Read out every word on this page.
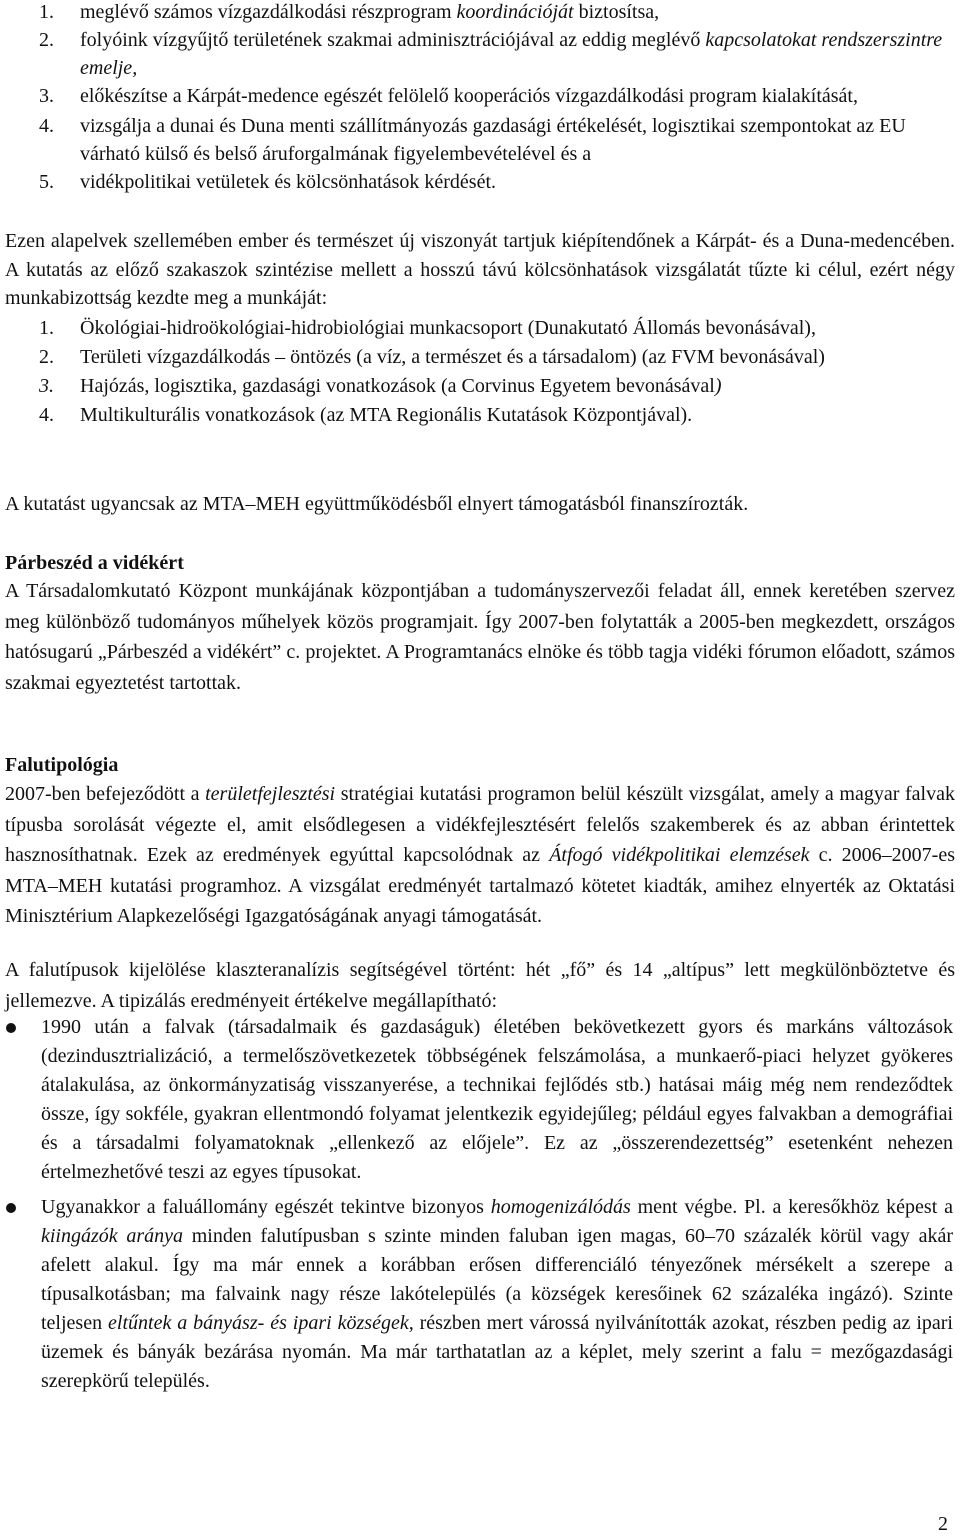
1. meglévő számos vízgazdálkodási részprogram koordinációját biztosítsa,

2. folyóink vízgyűjtő területének szakmai adminisztrációjával az eddig meglévő kapcsolatokat rendszerszintre emelje,

3. előkészítse a Kárpát-medence egészét felölelő kooperációs vízgazdálkodási program kialakítását,

4. vizsgálja a dunai és Duna menti szállítmányozás gazdasági értékelését, logisztikai szempontokat az EU várható külső és belső áruforgalmának figyelembevételével és a

5. vidékpolitikai vetületek és kölcsönhatások kérdését.

Ezen alapelvek szellemében ember és természet új viszonyát tartjuk kiépítendőnek a Kárpát- és a Duna-medencében. A kutatás az előző szakaszok szintézise mellett a hosszú távú kölcsönhatások vizsgálatát tűzte ki célul, ezért négy munkabizottság kezdte meg a munkáját:

1. Ökológiai-hidroökológiai-hidrobiológiai munkacsoport (Dunakutató Állomás bevonásával),

2. Területi vízgazdálkodás – öntözés (a víz, a természet és a társadalom) (az FVM bevonásával)

3. Hajózás, logisztika, gazdasági vonatkozások (a Corvinus Egyetem bevonásával)

4. Multikulturális vonatkozások (az MTA Regionális Kutatások Központjával).

A kutatást ugyancsak az MTA–MEH együttműködésből elnyert támogatásból finanszírozták.

Párbeszéd a vidékért

A Társadalomkutató Központ munkájának központjában a tudományszervezői feladat áll, ennek keretében szervez meg különböző tudományos műhelyek közös programjait. Így 2007-ben folytatták a 2005-ben megkezdett, országos hatósugarú „Párbeszéd a vidékért” c. projektet. A Programtanács elnöke és több tagja vidéki fórumon előadott, számos szakmai egyeztetést tartottak.

Falutipológia

2007-ben befejeződött a területfejlesztési stratégiai kutatási programon belül készült vizsgálat, amely a magyar falvak típusba sorolását végezte el, amit elsődlegesen a vidékfejlesztésért felelős szakemberek és az abban érintettek hasznosíthatnak. Ezek az eredmények egyúttal kapcsolódnak az Átfogó vidékpolitikai elemzések c. 2006–2007-es MTA–MEH kutatási programhoz. A vizsgálat eredményét tartalmazó kötetet kiadták, amihez elnyerték az Oktatási Minisztérium Alapkezelőségi Igazgatóságának anyagi támogatását.

A falutípusok kijelölése klaszteranalízis segítségével történt: hét „fő” és 14 „altípus” lett megkülönböztetve és jellemezve. A tipizálás eredményeit értékelve megállapítható:

1990 után a falvak (társadalmaik és gazdaságuk) életében bekövetkezett gyors és markáns változások (dezindusztrializáció, a termelőszövetkezetek többségének felszámolása, a munkaerő-piaci helyzet gyökeres átalakulása, az önkormányzatiság visszanyerése, a technikai fejlődés stb.) hatásai máig még nem rendeződtek össze, így sokféle, gyakran ellentmondó folyamat jelentkezik egyidejűleg; például egyes falvakban a demográfiai és a társadalmi folyamatoknak „ellenkező az előjele”. Ez az „összerendezettség” esetenként nehezen értelmezhetővé teszi az egyes típusokat.

Ugyanakkor a faluállomány egészét tekintve bizonyos homogenizálódás ment végbe. Pl. a keresőkhöz képest a kiingázók aránya minden falutípusban s szinte minden faluban igen magas, 60–70 százalék körül vagy akár afelett alakul. Így ma már ennek a korábban erősen differenciáló tényezőnek mérsékelt a szerepe a típusalkotásban; ma falvaink nagy része lakótelepülés (a községek keresőinek 62 százaléka ingázó). Szinte teljesen eltűntek a bányász- és ipari községek, részben mert várossá nyilvánították azokat, részben pedig az ipari üzemek és bányák bezárása nyomán. Ma már tarthatatlan az a képlet, mely szerint a falu = mezőgazdasági szerepkörű település.

2
